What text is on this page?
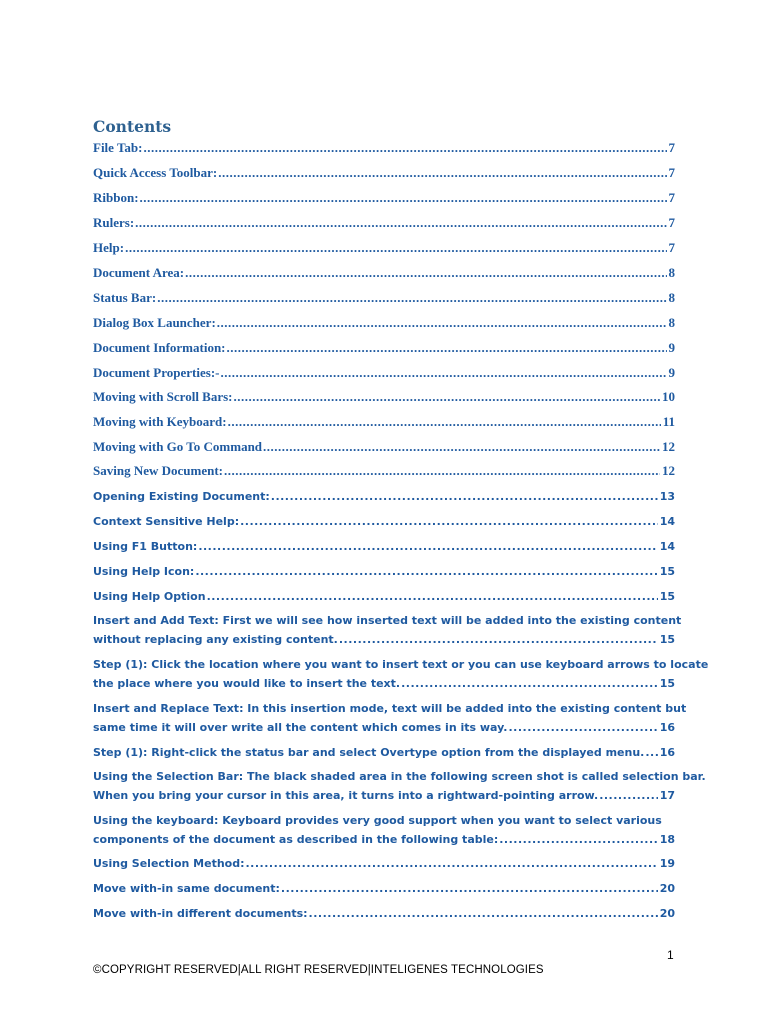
Contents
File Tab: .....	7
Quick Access Toolbar: .....	7
Ribbon: .....	7
Rulers: .....	7
Help: .....	7
Document Area: .....	8
Status Bar: .....	8
Dialog Box Launcher: .....	8
Document Information: .....	9
Document Properties:- .....	9
Moving with Scroll Bars: .....	10
Moving with Keyboard: .....	11
Moving with Go To Command .....	12
Saving New Document: .....	12
Opening Existing Document: .....	13
Context Sensitive Help: .....	14
Using F1 Button: .....	14
Using Help Icon: .....	15
Using Help Option .....	15
Insert and Add Text: First we will see how inserted text will be added into the existing content
without replacing any existing content. .....	15
Step (1): Click the location where you want to insert text or you can use keyboard arrows to locate
the place where you would like to insert the text. .....	15
Insert and Replace Text: In this insertion mode, text will be added into the existing content but
same time it will over write all the content which comes in its way. .....	16
Step (1): Right-click the status bar and select Overtype option from the displayed menu. ..... 16
Using the Selection Bar: The black shaded area in the following screen shot is called selection bar.
When you bring your cursor in this area, it turns into a rightward-pointing arrow. .....	17
Using the keyboard: Keyboard provides very good support when you want to select various
components of the document as described in the following table: .....	18
Using Selection Method: .....	19
Move with-in same document: .....	20
Move with-in different documents: .....	20
1
©COPYRIGHT RESERVED|ALL RIGHT RESERVED|INTELIGENES TECHNOLOGIES
